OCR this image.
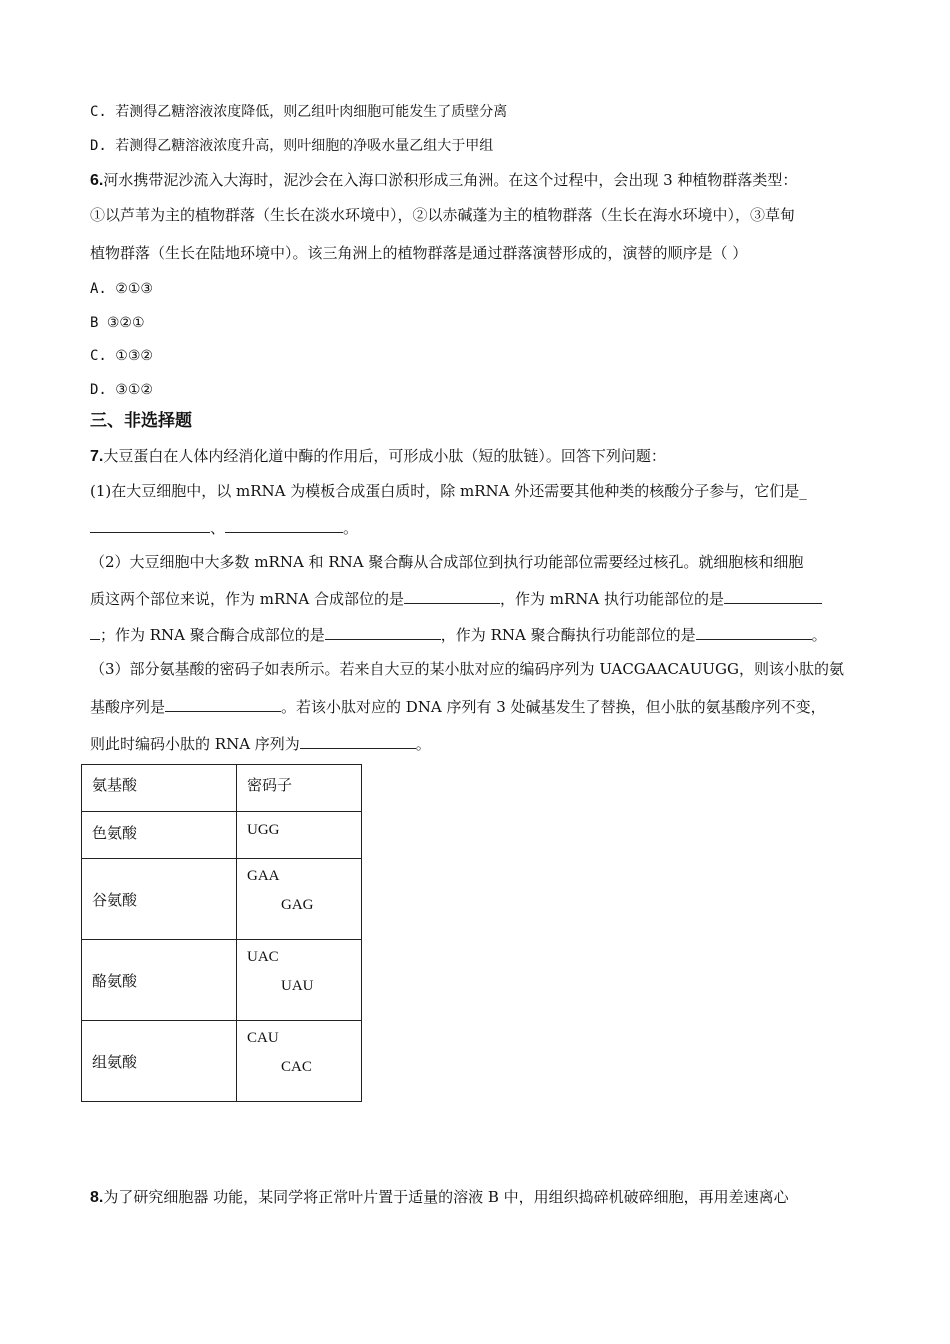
C. 若测得乙糖溶液浓度降低，则乙组叶肉细胞可能发生了质壁分离
D. 若测得乙糖溶液浓度升高，则叶细胞的净吸水量乙组大于甲组
6.河水携带泥沙流入大海时，泥沙会在入海口淤积形成三角洲。在这个过程中，会出现 3 种植物群落类型：
①以芦苇为主的植物群落（生长在淡水环境中），②以赤碱蓬为主的植物群落（生长在海水环境中），③草甸
植物群落（生长在陆地环境中）。该三角洲上的植物群落是通过群落演替形成的，演替的顺序是（ ）
A. ②①③
B ③②①
C. ①③②
D. ③①②
三、非选择题
7.大豆蛋白在人体内经消化道中酶的作用后，可形成小肽（短的肽链）。回答下列问题：
(1)在大豆细胞中，以 mRNA 为模板合成蛋白质时，除 mRNA 外还需要其他种类的核酸分子参与，它们是_
、	。
（2）大豆细胞中大多数 mRNA 和 RNA 聚合酶从合成部位到执行功能部位需要经过核孔。就细胞核和细胞
质这两个部位来说，作为 mRNA 合成部位的是	，作为 mRNA 执行功能部位的是
；作为 RNA 聚合酶合成部位的是	，作为 RNA 聚合酶执行功能部位的是	。
（3）部分氨基酸的密码子如表所示。若来自大豆的某小肽对应的编码序列为 UACGAACAUUGG，则该小肽的氨
基酸序列是	。若该小肽对应的 DNA 序列有 3 处碱基发生了替换，但小肽的氨基酸序列不变，
则此时编码小肽的 RNA 序列为	。
氨基酸	密码子

色氨酸	UGG

谷氨酸	GAA
GAG

酪氨酸	UAC
UAU

组氨酸	CAU
CAC
8.为了研究细胞器 功能，某同学将正常叶片置于适量的溶液 B 中，用组织捣碎机破碎细胞，再用差速离心
